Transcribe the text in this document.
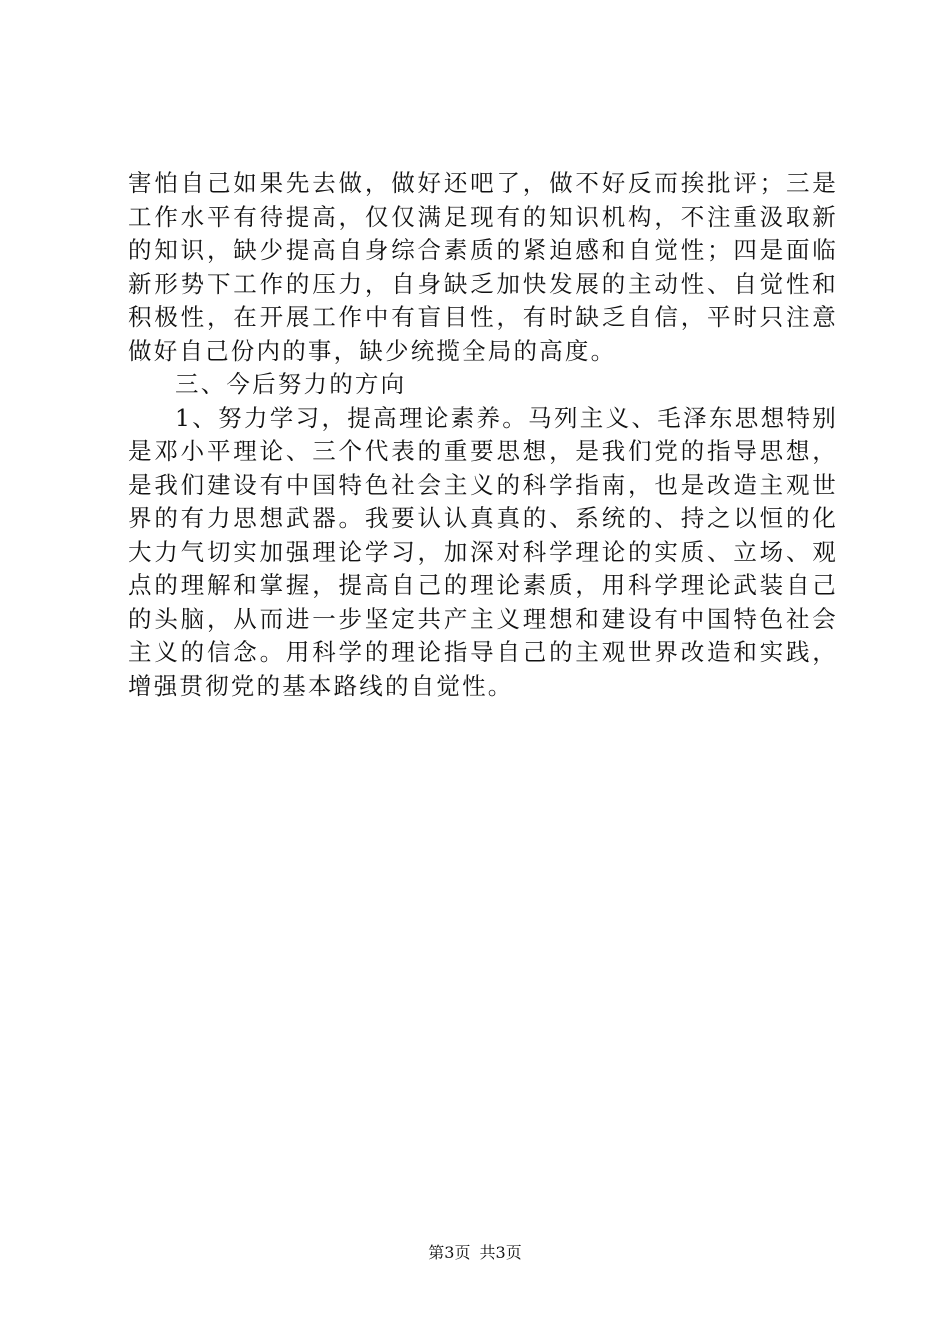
害怕自己如果先去做，做好还吧了，做不好反而挨批评；三是工作水平有待提高，仅仅满足现有的知识机构，不注重汲取新的知识，缺少提高自身综合素质的紧迫感和自觉性；四是面临新形势下工作的压力，自身缺乏加快发展的主动性、自觉性和积极性，在开展工作中有盲目性，有时缺乏自信，平时只注意做好自己份内的事，缺少统揽全局的高度。

三、今后努力的方向

1、努力学习，提高理论素养。马列主义、毛泽东思想特别是邓小平理论、三个代表的重要思想，是我们党的指导思想，是我们建设有中国特色社会主义的科学指南，也是改造主观世界的有力思想武器。我要认认真真的、系统的、持之以恒的化大力气切实加强理论学习，加深对科学理论的实质、立场、观点的理解和掌握，提高自己的理论素质，用科学理论武装自己的头脑，从而进一步坚定共产主义理想和建设有中国特色社会主义的信念。用科学的理论指导自己的主观世界改造和实践，增强贯彻党的基本路线的自觉性。

第3页 共3页
